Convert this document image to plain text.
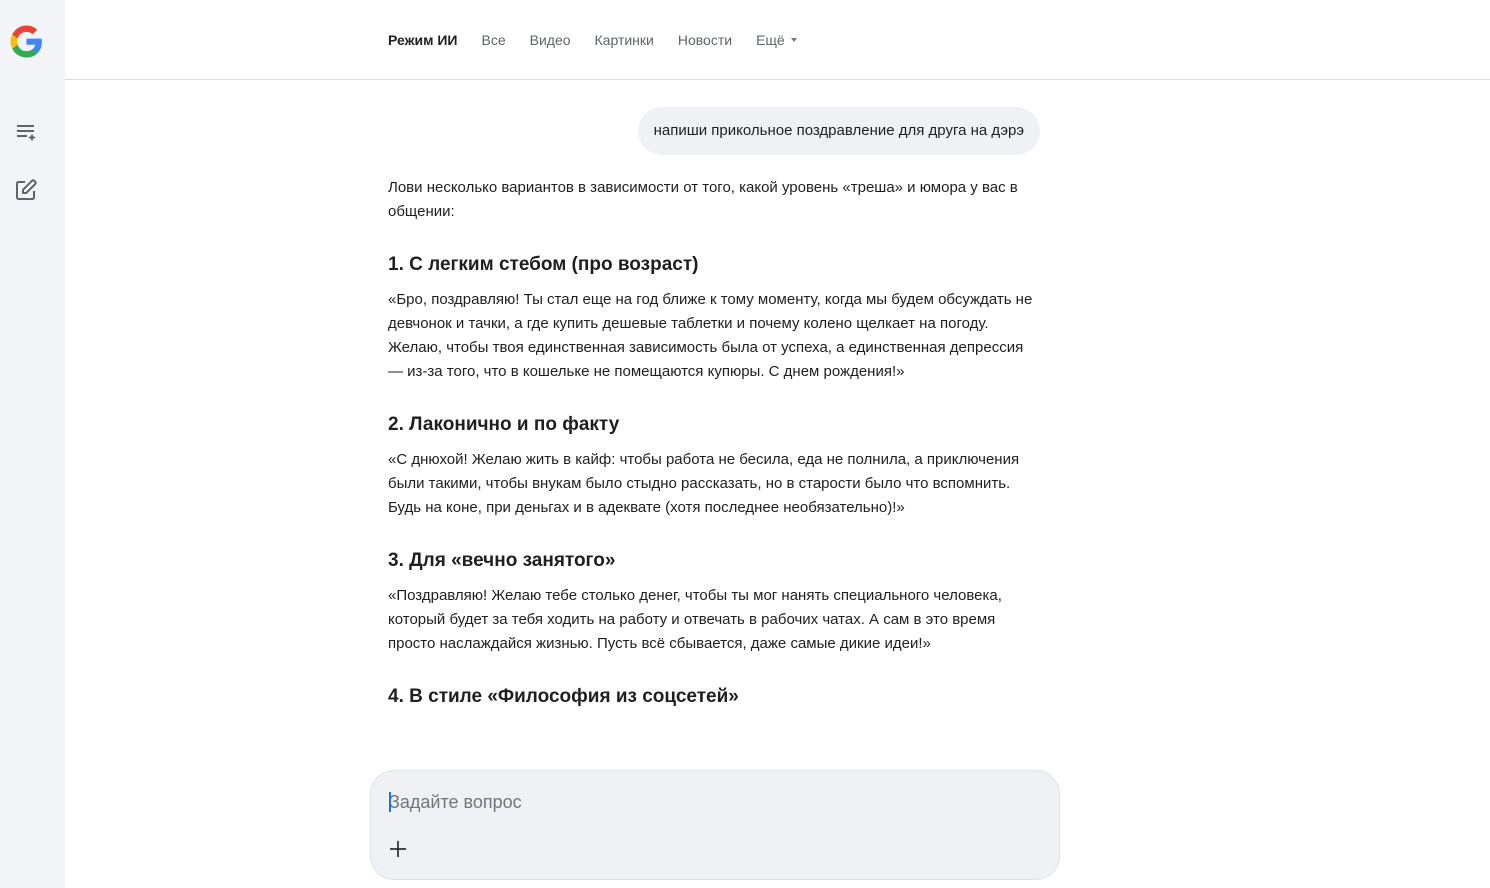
Режим ИИ Все Видео Картинки Новости Ещё
напиши прикольное поздравление для друга на дэрэ

Лови несколько вариантов в зависимости от того, какой уровень «треша» и юмора у вас в общении:

1. С легким стебом (про возраст)

«Бро, поздравляю! Ты стал еще на год ближе к тому моменту, когда мы будем обсуждать не девчонок и тачки, а где купить дешевые таблетки и почему колено щелкает на погоду. Желаю, чтобы твоя единственная зависимость была от успеха, а единственная депрессия — из-за того, что в кошельке не помещаются купюры. С днем рождения!»

2. Лаконично и по факту

«С днюхой! Желаю жить в кайф: чтобы работа не бесила, еда не полнила, а приключения были такими, чтобы внукам было стыдно рассказать, но в старости было что вспомнить. Будь на коне, при деньгах и в адеквате (хотя последнее необязательно)!»

3. Для «вечно занятого»

«Поздравляю! Желаю тебе столько денег, чтобы ты мог нанять специального человека, который будет за тебя ходить на работу и отвечать в рабочих чатах. А сам в это время просто наслаждайся жизнью. Пусть всё сбывается, даже самые дикие идеи!»

4. В стиле «Философия из соцсетей»
Задайте вопрос
